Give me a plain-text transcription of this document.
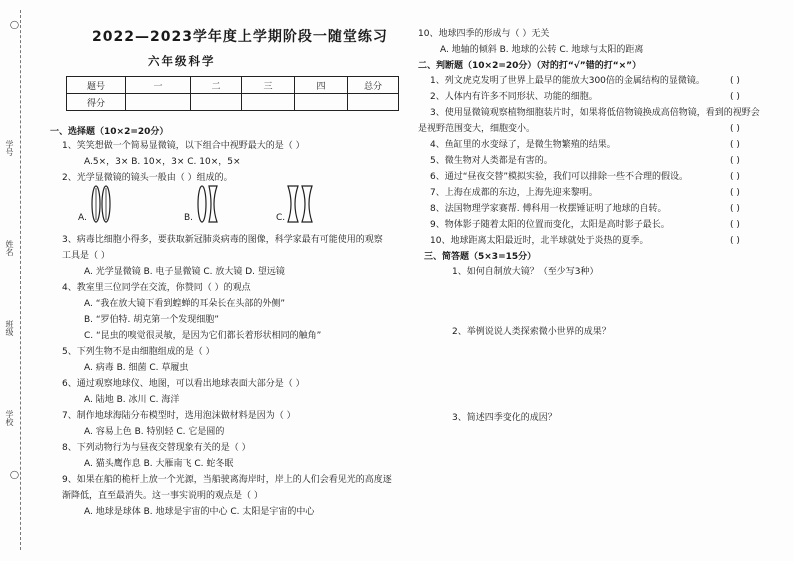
◯
学号
姓名
班级
学校
◯
2022—2023学年度上学期阶段一随堂练习
六年级科学
题号	一	二	三	四	总分
得分					
一、选择题（10×2=20分）
1、笑笑想做一个简易显微镜，以下组合中视野最大的是（ ）
A.5×，3× B. 10×，3× C. 10×，5×
2、光学显微镜的镜头一般由（ ）组成的。
A.	B.	C.
3、病毒比细胞小得多，要获取新冠肺炎病毒的图像，科学家最有可能使用的观察
工具是（ ）
A. 光学显微镜 B. 电子显微镜 C. 放大镜 D. 望远镜
4、教室里三位同学在交流，你赞同（ ）的观点
A. “我在放大镜下看到蝗蝉的耳朵长在头部的外侧”
B. “罗伯特. 胡克第一个发现细胞”
C. “昆虫的嗅觉很灵敏，是因为它们都长着形状相同的触角”
5、下列生物不是由细胞组成的是（ ）
A. 病毒 B. 细菌 C. 草履虫
6、通过观察地球仪、地图，可以看出地球表面大部分是（ ）
A. 陆地 B. 冰川 C. 海洋
7、制作地球海陆分布模型时，选用泡沫做材料是因为（ ）
A. 容易上色 B. 特别轻 C. 它是圆的
8、下列动物行为与昼夜交替现象有关的是（ ）
A. 猫头鹰作息 B. 大雁南飞 C. 蛇冬眠
9、如果在船的桅杆上放一个光源，当船驶离海岸时，岸上的人们会看见光的高度逐
渐降低，直至最消失。这一事实说明的观点是（ ）
A. 地球是球体 B. 地球是宇宙的中心 C. 太阳是宇宙的中心
10、地球四季的形成与（ ）无关
A. 地轴的倾斜 B. 地球的公转 C. 地球与太阳的距离
二、判断题（10×2=20分）（对的打“√”错的打“×”）
1、列文虎克发明了世界上最早的能放大300倍的金属结构的显微镜。	( )
2、人体内有许多不同形状、功能的细胞。	( )
3、使用显微镜观察植物细胞装片时，如果将低倍物镜换成高倍物镜，看到的视野会
是视野范围变大，细胞变小。	( )
4、鱼缸里的水变绿了，是微生物繁殖的结果。	( )
5、微生物对人类都是有害的。	( )
6、通过“昼夜交替”模拟实验，我们可以排除一些不合理的假设。	( )
7、上海在成都的东边，上海先迎来黎明。	( )
8、法国物理学家赛帮. 傅科用一枚摆锤证明了地球的自转。	( )
9、物体影子随着太阳的位置而变化，太阳是高时影子最长。	( )
10、地球距离太阳最近时，北半球就处于炎热的夏季。	( )
三、简答题（5×3=15分）
1、如何自制放大镜？（至少写3种）
2、举例说说人类探索微小世界的成果？
3、简述四季变化的成因？
